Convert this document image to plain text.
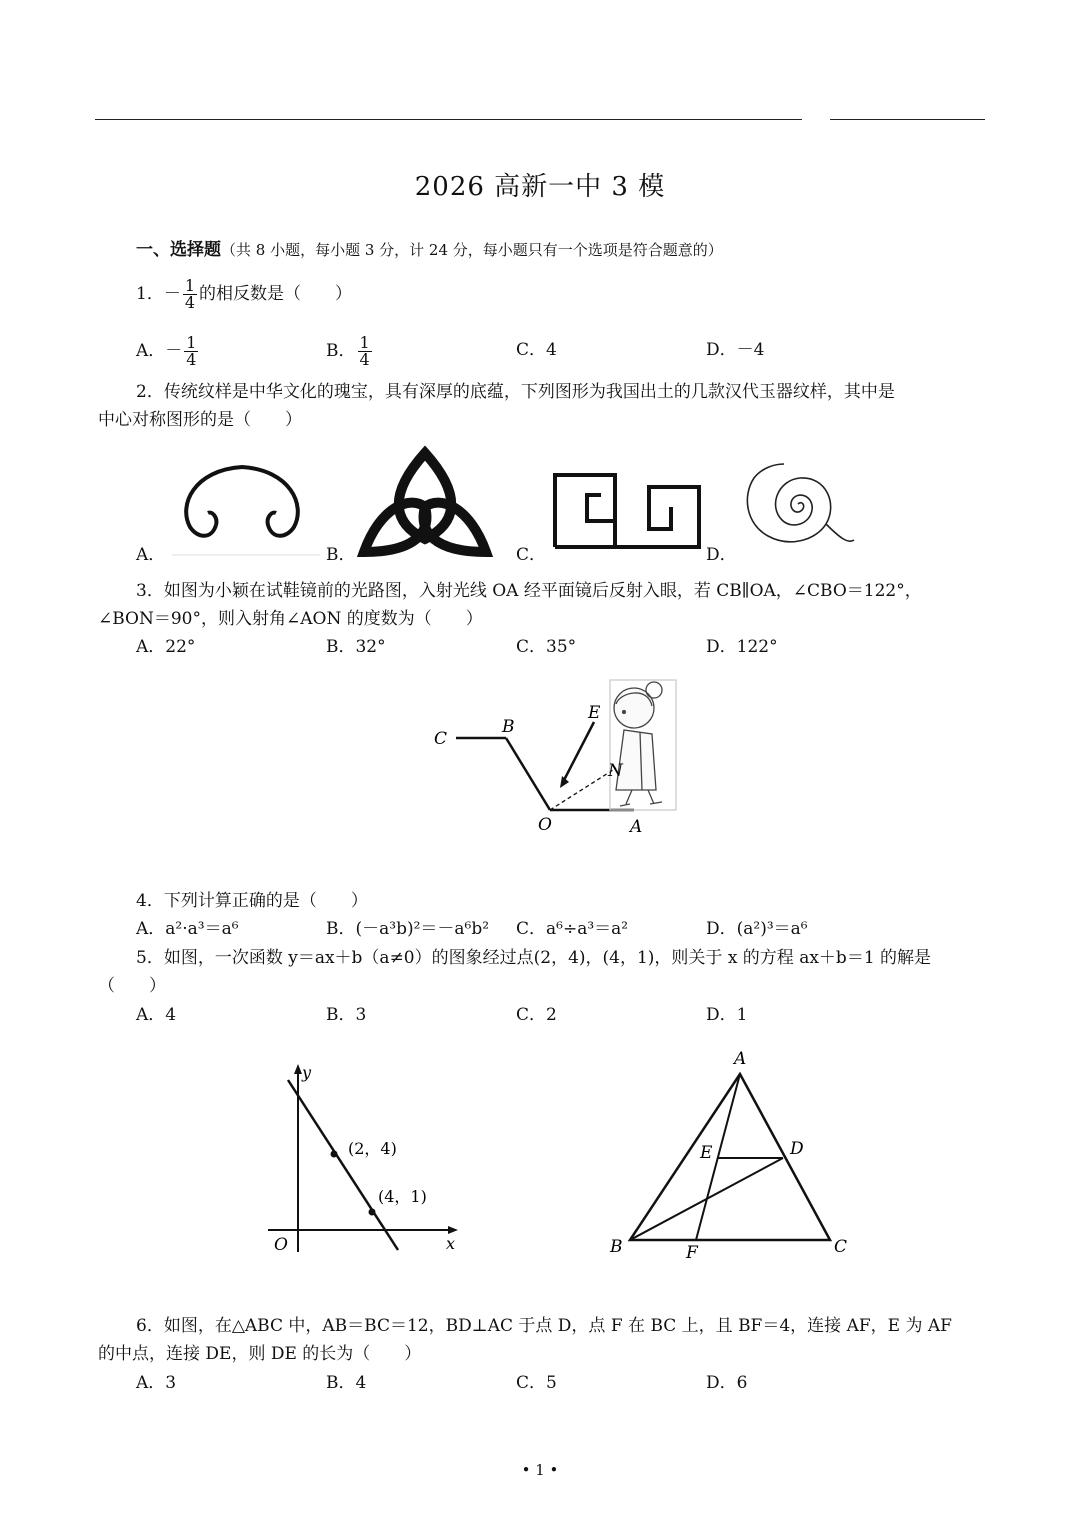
2026 高新一中 3 模
一、选择题（共 8 小题，每小题 3 分，计 24 分，每小题只有一个选项是符合题意的）
1．－ $\frac{1}{4}$ 的相反数是（　　）
A．－ $\frac{1}{4}$	B． $\frac{1}{4}$	C．4	D．－4
2．传统纹样是中华文化的瑰宝，具有深厚的底蕴，下列图形为我国出土的几款汉代玉器纹样，其中是
中心对称图形的是（　　）
A．	B．	C．	D．
3．如图为小颖在试鞋镜前的光路图，入射光线 OA 经平面镜后反射入眼，若 CB∥OA，∠CBO＝122°，
∠BON＝90°，则入射角∠AON 的度数为（　　）
A．22°	B．32°	C．35°	D．122°
C
B
E
N
O	A
4．下列计算正确的是（　　）
A．a²·a³＝a⁶	B．(－a³b)²＝－a⁶b² C．a⁶÷a³＝a²	D．(a²)³＝a⁶
5．如图，一次函数 y＝ax＋b（a≠0）的图象经过点(2，4)，(4，1)，则关于 x 的方程 ax＋b＝1 的解是
（　　）
A．4	B．3	C．2	D．1
y
x
O
(2，4)
(4，1)
A
E	D
B	F	C
6．如图，在△ABC 中，AB＝BC＝12，BD⊥AC 于点 D，点 F 在 BC 上，且 BF＝4，连接 AF，E 为 AF
的中点，连接 DE，则 DE 的长为（　　）
A．3	B．4	C．5	D．6
• 1 •
